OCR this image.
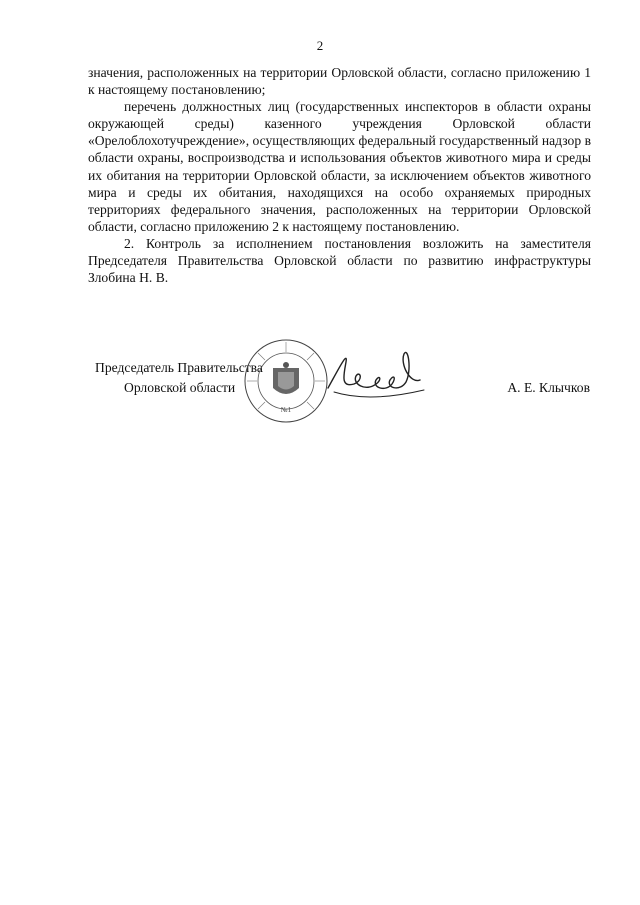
2

значения, расположенных на территории Орловской области, согласно приложению 1 к настоящему постановлению;

перечень должностных лиц (государственных инспекторов в области охраны окружающей среды) казенного учреждения Орловской области «Орелоблохотучреждение», осуществляющих федеральный государственный надзор в области охраны, воспроизводства и использования объектов животного мира и среды их обитания на территории Орловской области, за исключением объектов животного мира и среды их обитания, находящихся на особо охраняемых природных территориях федерального значения, расположенных на территории Орловской области, согласно приложению 2 к настоящему постановлению.

2. Контроль за исполнением постановления возложить на заместителя Председателя Правительства Орловской области по развитию инфраструктуры Злобина Н. В.

Председатель Правительства
Орловской области	А. Е. Клычков
№1
